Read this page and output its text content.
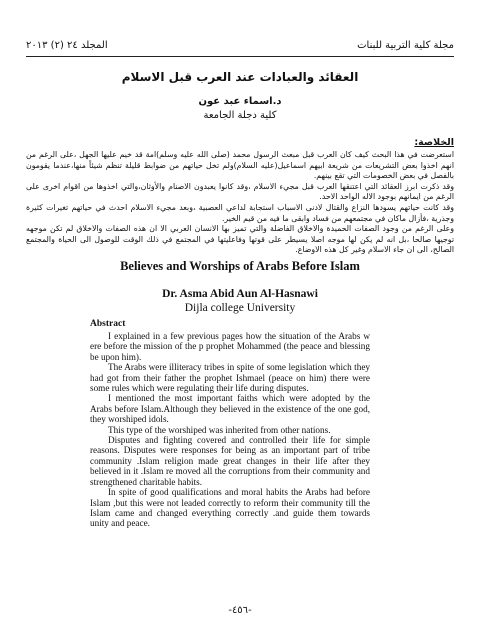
المجلد ٢٤ (٢) ٢٠١٣	مجلة كلية التربية للبنات
العقائد والعبادات عند العرب قبل الاسلام
د.اسماء عبد عون
كلية دجلة الجامعة
الخلاصة:

استعرضت في هذا البحث كيف كان العرب قبل مبعث الرسول محمد (صلى الله عليه وسلم)امة قد خيم عليها الجهل ،على الرغم من انهم اخذوا بعض التشريعات من شريعة ابيهم اسماعيل(عليه السلام)ولم تخل حياتهم من ضوابط قليلة تنظم شيئاً منها،عندما يقومون بالفصل في بعض الخصومات التي تقع بينهم.

وقد ذكرت ابرز العقائد التي اعتنقها العرب قبل مجيء الاسلام ،وقد كانوا يعبدون الاصنام والأوثان،والتي اخذوها من اقوام اخرى على الرغم من ايمانهم بوجود الاله الواحد الاحد.

وقد كانت حياتهم يسودها النزاع والقتال لادنى الاسباب استجابة لداعي العصبية ،وبعد مجيء الاسلام احدث في حياتهم تغيرات كثيرة وجذرية ،فأزال ماكان في مجتمعهم من فساد وابقى ما فيه من قيم الخير.

وعلى الرغم من وجود الصفات الحميدة والاخلاق الفاضلة والتي تميز بها الانسان العربي الا ان هذه الصفات والاخلاق لم تكن موجهه توجيها صالحا ،بل انه لم يكن لها موجه اصلا يسيطر على قوتها وفاعليتها في المجتمع في ذلك الوقت للوصول الى الحياة والمجتمع الصالح، الى ان جاء الاسلام وغير كل هذه الاوضاع.

Believes and Worships of Arabs Before Islam
Dr. Asma Abid Aun Al-Hasnawi
Dijla college University
Abstract

I explained in a few previous pages how the situation of the Arabs w ere before the mission of the p prophet Mohammed (the peace and blessing be upon him).

The Arabs were illiteracy tribes in spite of some legislation which they had got from their father the prophet Ishmael (peace on him) there were some rules which were regulating their life during disputes.

I mentioned the most important faiths which were adopted by the Arabs before Islam.Although they believed in the existence of the one god, they worshiped idols.

This type of the worshiped was inherited from other nations.

Disputes and fighting covered and controlled their life for simple reasons. Disputes were responses for being as an important part of tribe community .Islam religion made great changes in their life after they believed in it .Islam re moved all the corruptions from their community and strengthened charitable habits.

In spite of good qualifications and moral habits the Arabs had before Islam ,but this were not leaded correctly to reform their community till the Islam came and changed everything correctly .and guide them towards unity and peace.

-٤٥٦-
